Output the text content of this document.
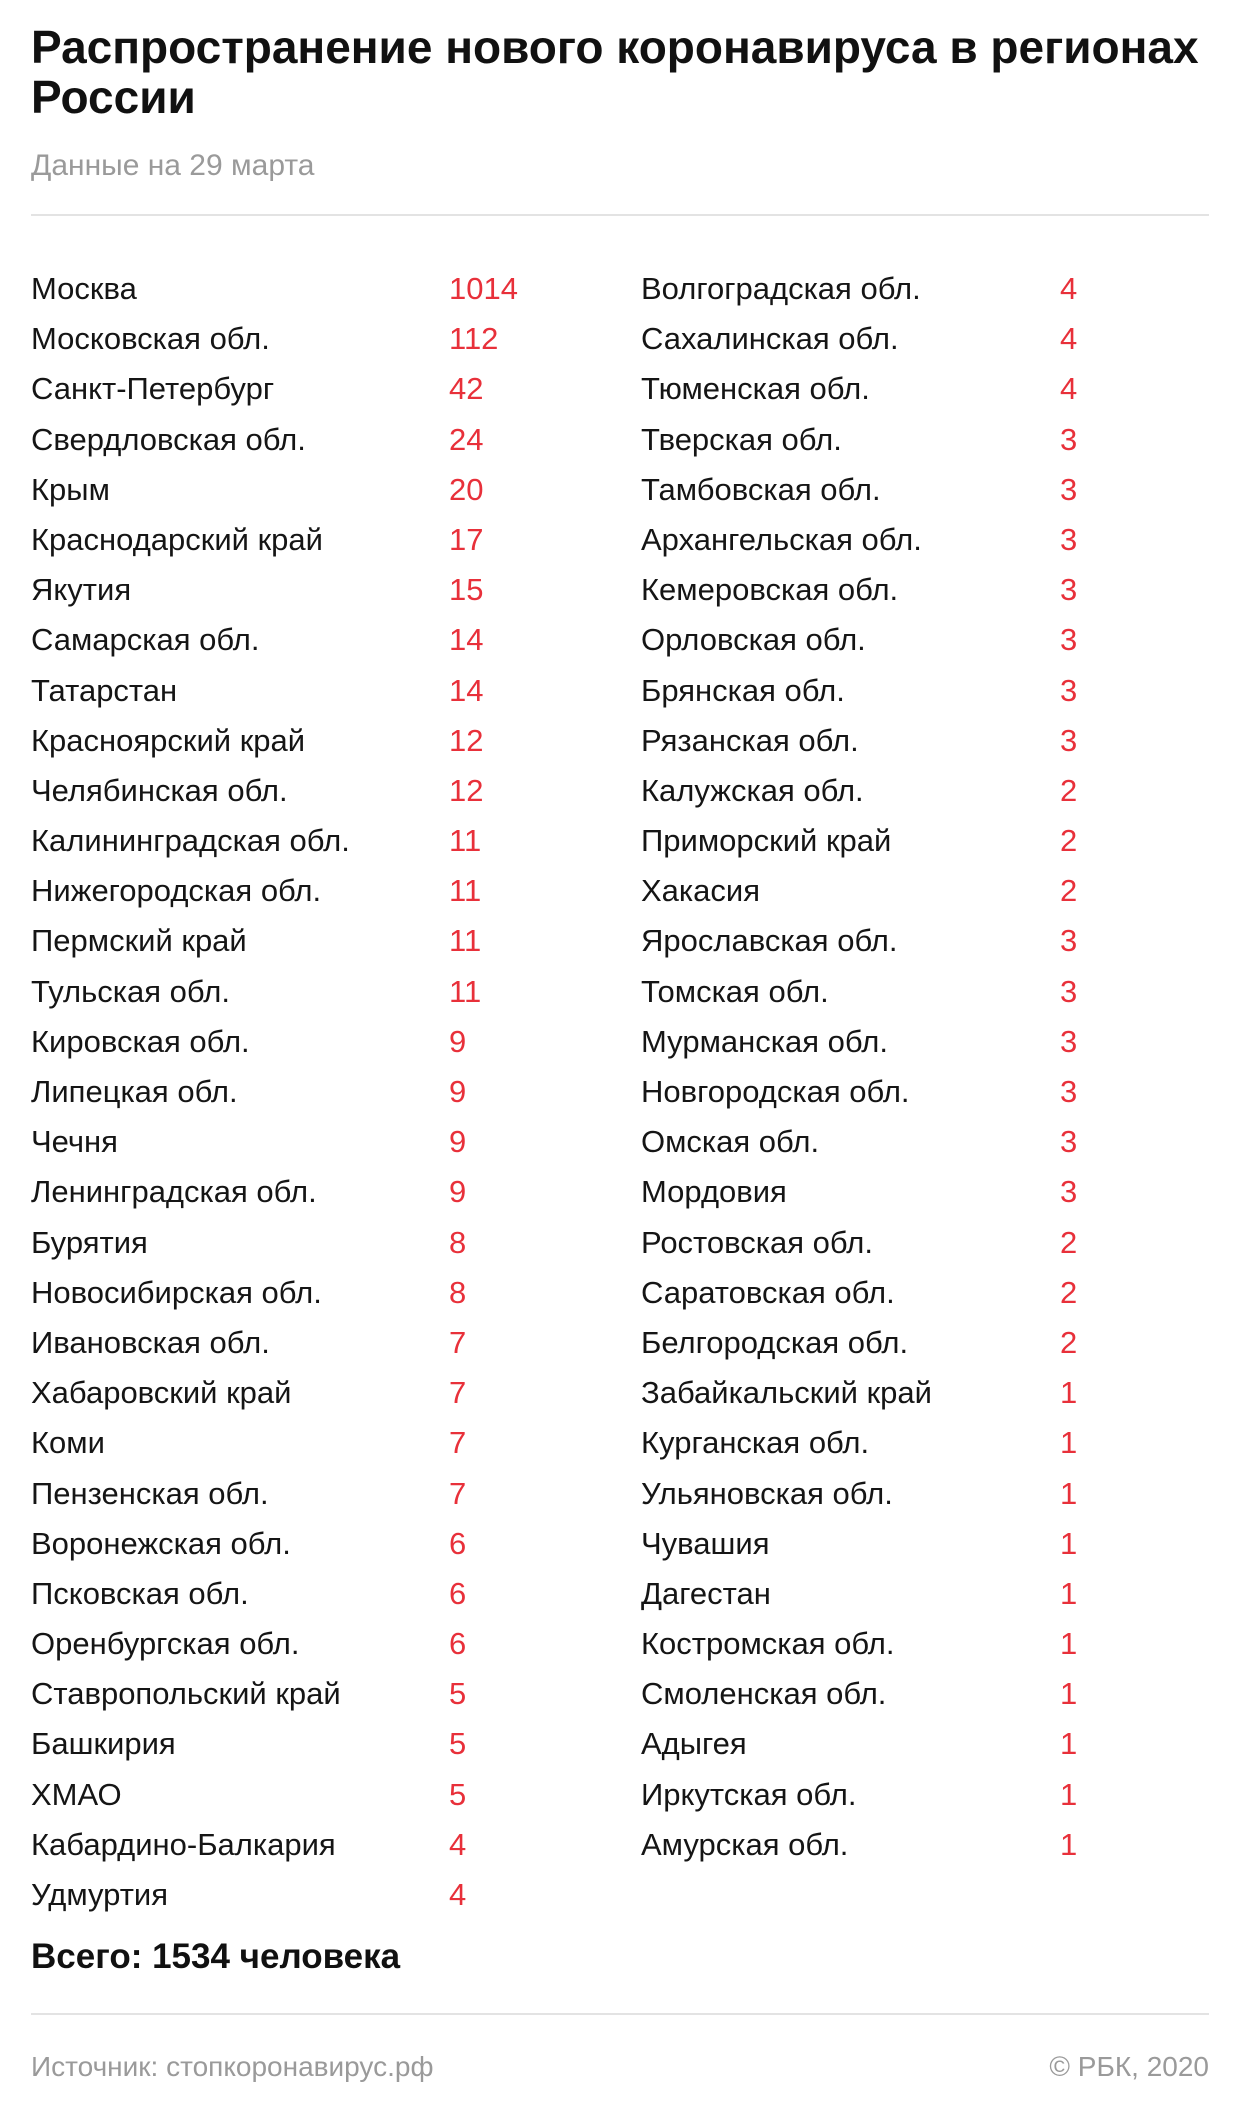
Распространение нового коронавируса в регионах России
Данные на 29 марта
Москва	1014
Московская обл.	112
Санкт-Петербург	42
Свердловская обл.	24
Крым	20
Краснодарский край	17
Якутия	15
Самарская обл.	14
Татарстан	14
Красноярский край	12
Челябинская обл.	12
Калининградская обл.	11
Нижегородская обл.	11
Пермский край	11
Тульская обл.	11
Кировская обл.	9
Липецкая обл.	9
Чечня	9
Ленинградская обл.	9
Бурятия	8
Новосибирская обл.	8
Ивановская обл.	7
Хабаровский край	7
Коми	7
Пензенская обл.	7
Воронежская обл.	6
Псковская обл.	6
Оренбургская обл.	6
Ставропольский край	5
Башкирия	5
ХМАО	5
Кабардино-Балкария	4
Удмуртия	4
Волгоградская обл.	4
Сахалинская обл.	4
Тюменская обл.	4
Тверская обл.	3
Тамбовская обл.	3
Архангельская обл.	3
Кемеровская обл.	3
Орловская обл.	3
Брянская обл.	3
Рязанская обл.	3
Калужская обл.	2
Приморский край	2
Хакасия	2
Ярославская обл.	3
Томская обл.	3
Мурманская обл.	3
Новгородская обл.	3
Омская обл.	3
Мордовия	3
Ростовская обл.	2
Саратовская обл.	2
Белгородская обл.	2
Забайкальский край	1
Курганская обл.	1
Ульяновская обл.	1
Чувашия	1
Дагестан	1
Костромская обл.	1
Смоленская обл.	1
Адыгея	1
Иркутская обл.	1
Амурская обл.	1
Всего: 1534 человека
Источник: стопкоронавирус.рф	© РБК, 2020
